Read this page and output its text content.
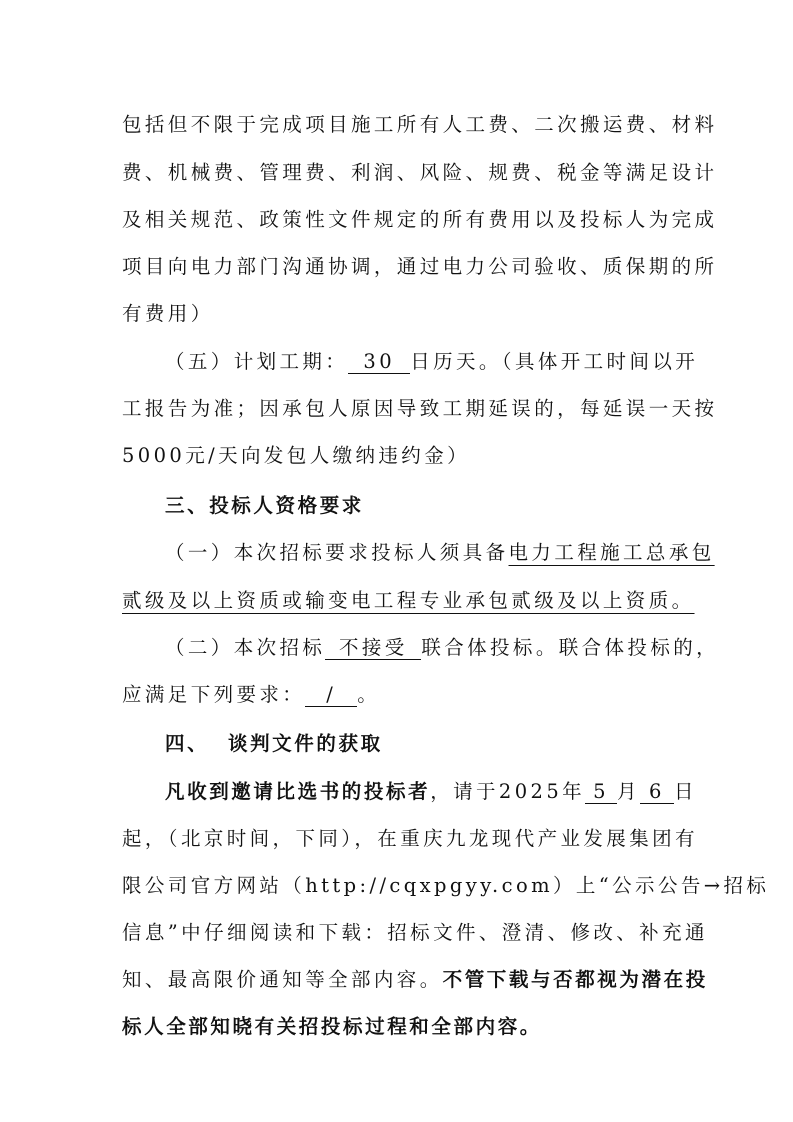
包括但不限于完成项目施工所有人工费、二次搬运费、材料
费、机械费、管理费、利润、风险、规费、税金等满足设计
及相关规范、政策性文件规定的所有费用以及投标人为完成
项目向电力部门沟通协调，通过电力公司验收、质保期的所
有费用）
（五）计划工期： 30 日历天。（具体开工时间以开
工报告为准；因承包人原因导致工期延误的，每延误一天按
5000元/天向发包人缴纳违约金）
三、投标人资格要求
（一）本次招标要求投标人须具备电力工程施工总承包
贰级及以上资质或输变电工程专业承包贰级及以上资质。
（二）本次招标 不接受 联合体投标。联合体投标的，
应满足下列要求： / 。
四、  谈判文件的获取
凡收到邀请比选书的投标者，请于2025年 5 月 6 日
起，（北京时间，下同），在重庆九龙现代产业发展集团有
限公司官方网站（http://cqxpgyy.com）上“公示公告→招标
信息”中仔细阅读和下载：招标文件、澄清、修改、补充通
知、最高限价通知等全部内容。不管下载与否都视为潜在投
标人全部知晓有关招投标过程和全部内容。
